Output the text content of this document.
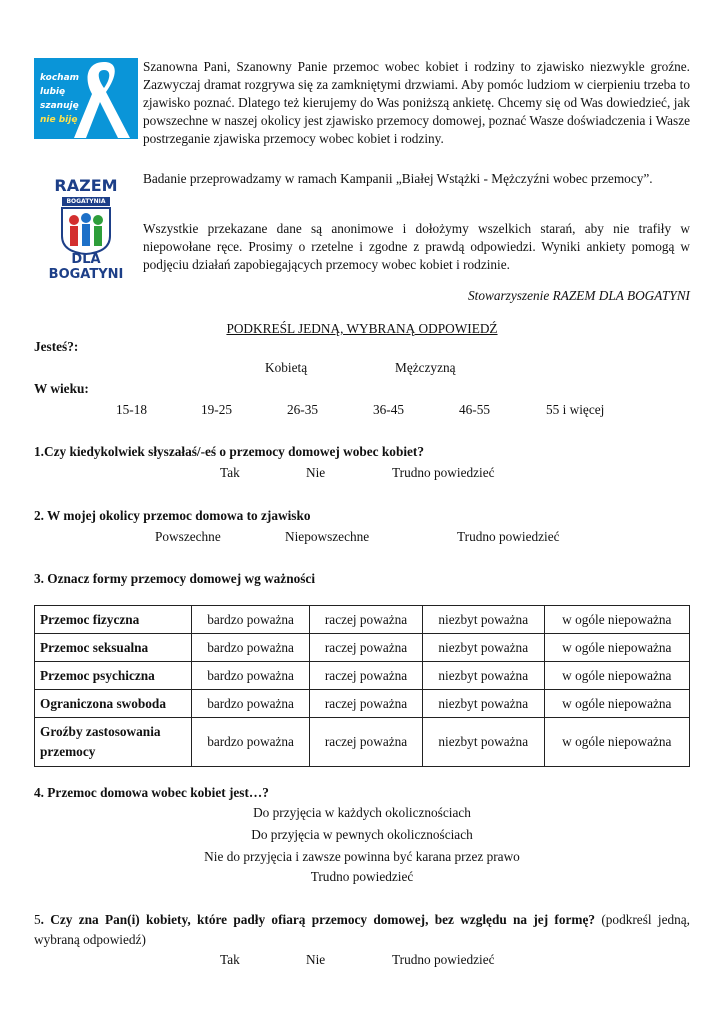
kocham
lubię
szanuję
nie biję
RAZEM
BOGATYNIA
DLA BOGATYNI
Szanowna Pani, Szanowny Panie przemoc wobec kobiet i rodziny to zjawisko niezwykle groźne. Zazwyczaj dramat rozgrywa się za zamkniętymi drzwiami. Aby pomóc ludziom w cierpieniu trzeba to zjawisko poznać. Dlatego też kierujemy do Was poniższą ankietę. Chcemy się od Was dowiedzieć, jak powszechne w naszej okolicy jest zjawisko przemocy domowej, poznać Wasze doświadczenia i Wasze postrzeganie zjawiska przemocy wobec kobiet i rodziny.
Badanie przeprowadzamy w ramach Kampanii „Białej Wstążki - Mężczyźni wobec przemocy”.
Wszystkie przekazane dane są anonimowe i dołożymy wszelkich starań, aby nie trafiły w niepowołane ręce. Prosimy o rzetelne i zgodne z prawdą odpowiedzi. Wyniki ankiety pomogą w podjęciu działań zapobiegających przemocy wobec kobiet i rodzinie.
Stowarzyszenie RAZEM DLA BOGATYNI
PODKREŚL JEDNĄ, WYBRANĄ ODPOWIEDŹ
Jesteś?:
Kobietą	Mężczyzną
W wieku:
15-18	19-25	26-35	36-45	46-55	55 i więcej
1.Czy kiedykolwiek słyszałaś/-eś o przemocy domowej wobec kobiet?
Tak	Nie	Trudno powiedzieć
2. W mojej okolicy przemoc domowa to zjawisko
Powszechne	Niepowszechne	Trudno powiedzieć
3. Oznacz formy przemocy domowej wg ważności
Przemoc fizyczna	bardzo poważna	raczej poważna	niezbyt poważna	w ogóle niepoważna
Przemoc seksualna	bardzo poważna	raczej poważna	niezbyt poważna	w ogóle niepoważna
Przemoc psychiczna	bardzo poważna	raczej poważna	niezbyt poważna	w ogóle niepoważna
Ograniczona swoboda	bardzo poważna	raczej poważna	niezbyt poważna	w ogóle niepoważna
Groźby zastosowania przemocy	bardzo poważna	raczej poważna	niezbyt poważna	w ogóle niepoważna
4. Przemoc domowa wobec kobiet jest…?
Do przyjęcia w każdych okolicznościach
Do przyjęcia w pewnych okolicznościach
Nie do przyjęcia i zawsze powinna być karana przez prawo
Trudno powiedzieć
5. Czy zna Pan(i) kobiety, które padły ofiarą przemocy domowej, bez względu na jej formę? (podkreśl jedną, wybraną odpowiedź)
Tak	Nie	Trudno powiedzieć
